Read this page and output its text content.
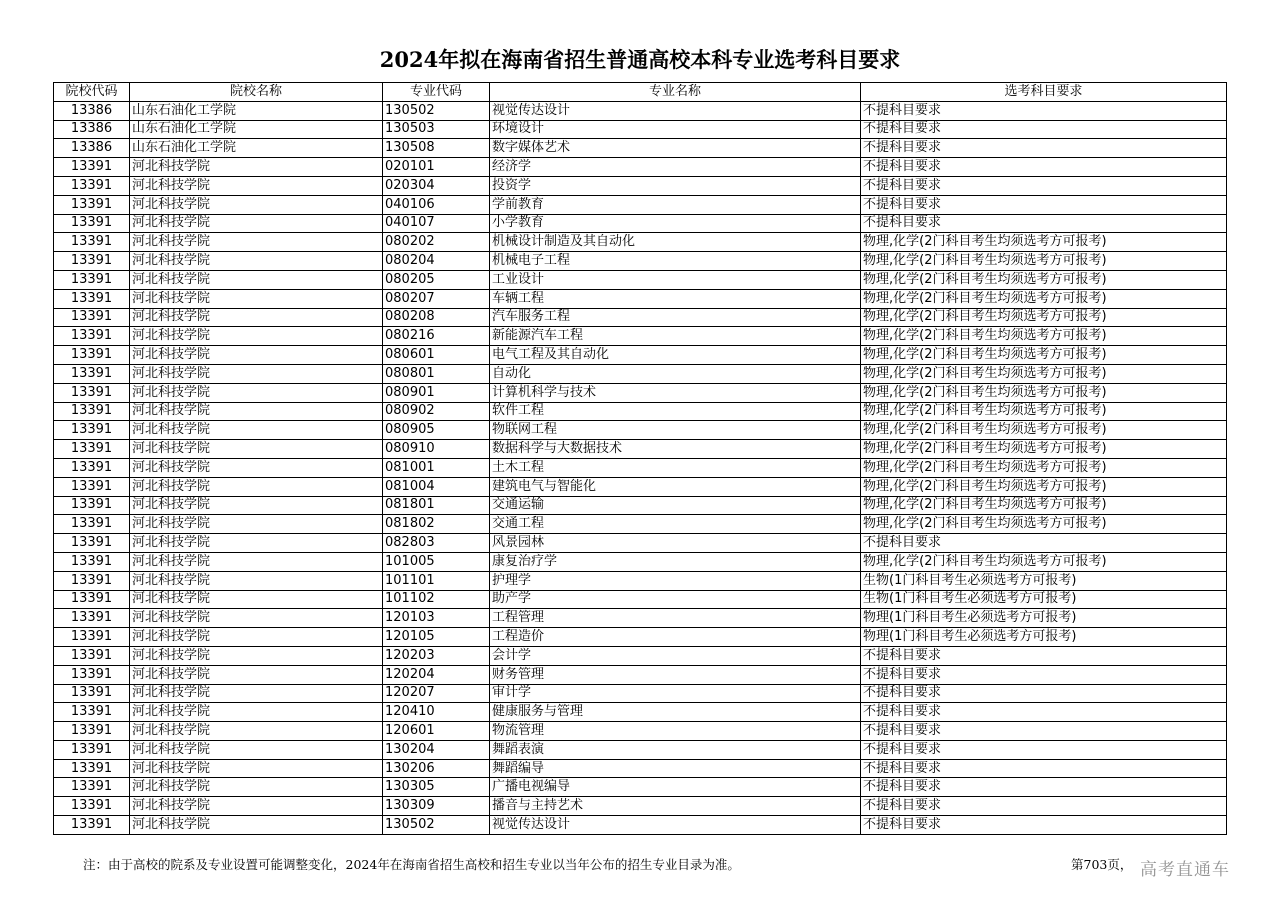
2024年拟在海南省招生普通高校本科专业选考科目要求
院校代码	院校名称	专业代码	专业名称	选考科目要求
13386	山东石油化工学院	130502	视觉传达设计	不提科目要求
13386	山东石油化工学院	130503	环境设计	不提科目要求
13386	山东石油化工学院	130508	数字媒体艺术	不提科目要求
13391	河北科技学院	020101	经济学	不提科目要求
13391	河北科技学院	020304	投资学	不提科目要求
13391	河北科技学院	040106	学前教育	不提科目要求
13391	河北科技学院	040107	小学教育	不提科目要求
13391	河北科技学院	080202	机械设计制造及其自动化	物理,化学(2门科目考生均须选考方可报考)
13391	河北科技学院	080204	机械电子工程	物理,化学(2门科目考生均须选考方可报考)
13391	河北科技学院	080205	工业设计	物理,化学(2门科目考生均须选考方可报考)
13391	河北科技学院	080207	车辆工程	物理,化学(2门科目考生均须选考方可报考)
13391	河北科技学院	080208	汽车服务工程	物理,化学(2门科目考生均须选考方可报考)
13391	河北科技学院	080216	新能源汽车工程	物理,化学(2门科目考生均须选考方可报考)
13391	河北科技学院	080601	电气工程及其自动化	物理,化学(2门科目考生均须选考方可报考)
13391	河北科技学院	080801	自动化	物理,化学(2门科目考生均须选考方可报考)
13391	河北科技学院	080901	计算机科学与技术	物理,化学(2门科目考生均须选考方可报考)
13391	河北科技学院	080902	软件工程	物理,化学(2门科目考生均须选考方可报考)
13391	河北科技学院	080905	物联网工程	物理,化学(2门科目考生均须选考方可报考)
13391	河北科技学院	080910	数据科学与大数据技术	物理,化学(2门科目考生均须选考方可报考)
13391	河北科技学院	081001	土木工程	物理,化学(2门科目考生均须选考方可报考)
13391	河北科技学院	081004	建筑电气与智能化	物理,化学(2门科目考生均须选考方可报考)
13391	河北科技学院	081801	交通运输	物理,化学(2门科目考生均须选考方可报考)
13391	河北科技学院	081802	交通工程	物理,化学(2门科目考生均须选考方可报考)
13391	河北科技学院	082803	风景园林	不提科目要求
13391	河北科技学院	101005	康复治疗学	物理,化学(2门科目考生均须选考方可报考)
13391	河北科技学院	101101	护理学	生物(1门科目考生必须选考方可报考)
13391	河北科技学院	101102	助产学	生物(1门科目考生必须选考方可报考)
13391	河北科技学院	120103	工程管理	物理(1门科目考生必须选考方可报考)
13391	河北科技学院	120105	工程造价	物理(1门科目考生必须选考方可报考)
13391	河北科技学院	120203	会计学	不提科目要求
13391	河北科技学院	120204	财务管理	不提科目要求
13391	河北科技学院	120207	审计学	不提科目要求
13391	河北科技学院	120410	健康服务与管理	不提科目要求
13391	河北科技学院	120601	物流管理	不提科目要求
13391	河北科技学院	130204	舞蹈表演	不提科目要求
13391	河北科技学院	130206	舞蹈编导	不提科目要求
13391	河北科技学院	130305	广播电视编导	不提科目要求
13391	河北科技学院	130309	播音与主持艺术	不提科目要求
13391	河北科技学院	130502	视觉传达设计	不提科目要求
注：由于高校的院系及专业设置可能调整变化，2024年在海南省招生高校和招生专业以当年公布的招生专业目录为准。	第703页， 高考直通车
